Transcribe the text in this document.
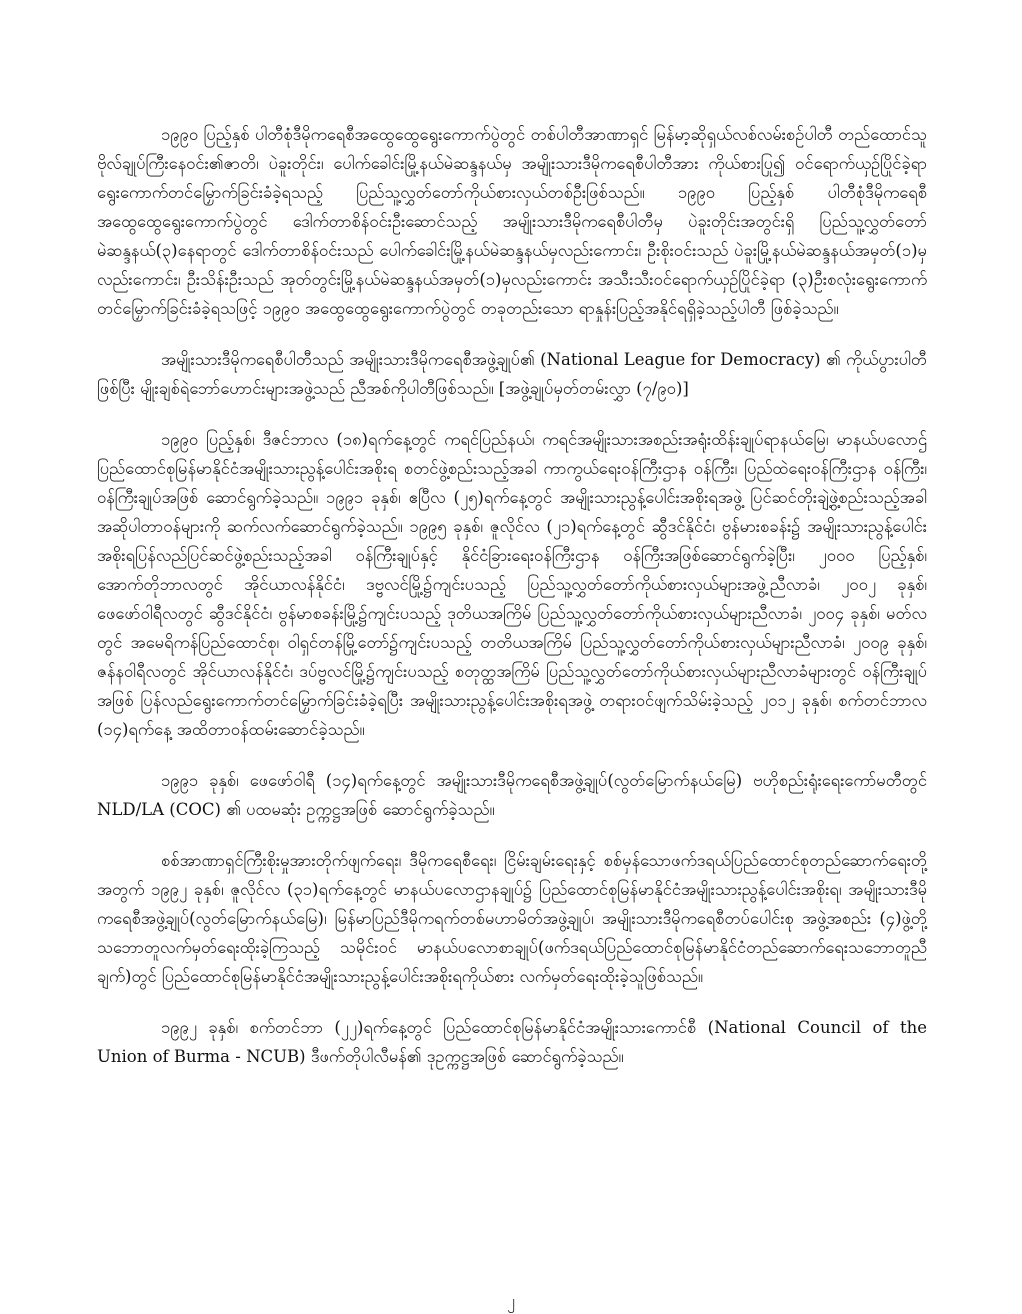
၁၉၉၀ ပြည့်နှစ် ပါတီစုံဒီမိုကရေစီအထွေထွေရွေးကောက်ပွဲတွင် တစ်ပါတီအာဏာရှင် မြန်မာ့ဆိုရှယ်လစ်လမ်းစဉ်ပါတီ တည်ထောင်သူ ဗိုလ်ချုပ်ကြီးနေဝင်း၏ဇာတိ၊ ပဲခူးတိုင်း၊ ပေါက်ခေါင်းမြို့နယ်မဲဆန္ဒနယ်မှ အမျိုးသားဒီမိုကရေစီပါတီအား ကိုယ်စားပြု၍ ဝင်ရောက်ယှဉ်ပြိုင်ခဲ့ရာ ရွေးကောက်တင်မြှောက်ခြင်းခံခဲ့ရသည့် ပြည်သူ့လွှတ်တော်ကိုယ်စားလှယ်တစ်ဦးဖြစ်သည်။ ၁၉၉၀ ပြည့်နှစ် ပါတီစုံဒီမိုကရေစီအထွေထွေရွေးကောက်ပွဲတွင် ဒေါက်တာစိန်ဝင်းဦးဆောင်သည့် အမျိုးသားဒီမိုကရေစီပါတီမှ ပဲခူးတိုင်းအတွင်းရှိ ပြည်သူ့လွှတ်တော်မဲဆန္ဒနယ်(၃)နေရာတွင် ဒေါက်တာစိန်ဝင်းသည် ပေါက်ခေါင်းမြို့နယ်မဲဆန္ဒနယ်မှလည်းကောင်း၊ ဦးစိုးဝင်းသည် ပဲခူးမြို့နယ်မဲဆန္ဒနယ်အမှတ်(၁)မှလည်းကောင်း၊ ဦးသိန်းဦးသည် အုတ်တွင်းမြို့နယ်မဲဆန္ဒနယ်အမှတ်(၁)မှလည်းကောင်း အသီးသီးဝင်ရောက်ယှဉ်ပြိုင်ခဲ့ရာ (၃)ဦးစလုံးရွေးကောက်တင်မြှောက်ခြင်းခံခဲ့ရသဖြင့် ၁၉၉၀ အထွေထွေရွေးကောက်ပွဲတွင် တခုတည်းသော ရာနှုန်းပြည့်အနိုင်ရရှိခဲ့သည့်ပါတီ ဖြစ်ခဲ့သည်။

အမျိုးသားဒီမိုကရေစီပါတီသည် အမျိုးသားဒီမိုကရေစီအဖွဲ့ချုပ်၏ (National League for Democracy) ၏ ကိုယ်ပွားပါတီဖြစ်ပြီး မျိုးချစ်ရဲဘော်ဟောင်းများအဖွဲ့သည် ညီအစ်ကိုပါတီဖြစ်သည်။ [အဖွဲ့ချုပ်မှတ်တမ်းလွှာ (၇/၉၀)]

၁၉၉၀ ပြည့်နှစ်၊ ဒီဇင်ဘာလ (၁၈)ရက်နေ့တွင် ကရင်ပြည်နယ်၊ ကရင်အမျိုးသားအစည်းအရုံးထိန်းချုပ်ရာနယ်မြေ၊ မာနယ်ပလောဌ် ပြည်ထောင်စုမြန်မာနိုင်ငံအမျိုးသားညွန့်ပေါင်းအစိုးရ စတင်ဖွဲ့စည်းသည့်အခါ ကာကွယ်ရေးဝန်ကြီးဌာန ဝန်ကြီး၊ ပြည်ထဲရေးဝန်ကြီးဌာန ဝန်ကြီး၊ ဝန်ကြီးချုပ်အဖြစ် ဆောင်ရွက်ခဲ့သည်။ ၁၉၉၁ ခုနှစ်၊ ဧပြီလ (၂၅)ရက်နေ့တွင် အမျိုးသားညွန့်ပေါင်းအစိုးရအဖွဲ့ ပြင်ဆင်တိုးချဲ့ဖွဲ့စည်းသည့်အခါ အဆိုပါတာဝန်များကို ဆက်လက်ဆောင်ရွက်ခဲ့သည်။ ၁၉၉၅ ခုနှစ်၊ ဇူလိုင်လ (၂၁)ရက်နေ့တွင် ဆွီဒင်နိုင်ငံ၊ ဗွန်မားစခန်း၌ အမျိုးသားညွန့်ပေါင်းအစိုးရပြန်လည်ပြင်ဆင်ဖွဲ့စည်းသည့်အခါ ဝန်ကြီးချုပ်နှင့် နိုင်ငံခြားရေးဝန်ကြီးဌာန ဝန်ကြီးအဖြစ်ဆောင်ရွက်ခဲ့ပြီး၊ ၂၀၀၀ ပြည့်နှစ်၊ အောက်တိုဘာလတွင် အိုင်ယာလန်နိုင်ငံ၊ ဒဗ္ဗလင်မြို့၌ကျင်းပသည့် ပြည်သူ့လွှတ်တော်ကိုယ်စားလှယ်များအဖွဲ့ညီလာခံ၊ ၂၀၀၂ ခုနှစ်၊ ဖေဖော်ဝါရီလတွင် ဆွီဒင်နိုင်ငံ၊ ဗွန်မာစခန်းမြို့၌ကျင်းပသည့် ဒုတိယအကြိမ် ပြည်သူ့လွှတ်တော်ကိုယ်စားလှယ်များညီလာခံ၊ ၂၀၀၄ ခုနှစ်၊ မတ်လတွင် အမေရိကန်ပြည်ထောင်စု၊ ဝါရှင်တန်မြို့တော်၌ကျင်းပသည့် တတိယအကြိမ် ပြည်သူ့လွှတ်တော်ကိုယ်စားလှယ်များညီလာခံ၊ ၂၀၀၉ ခုနှစ်၊ ဇန်နဝါရီလတွင် အိုင်ယာလန်နိုင်ငံ၊ ဒပ်ဗ္ဗလင်မြို့၌ကျင်းပသည့် စတုတ္ထအကြိမ် ပြည်သူ့လွှတ်တော်ကိုယ်စားလှယ်များညီလာခံများတွင် ဝန်ကြီးချုပ်အဖြစ် ပြန်လည်ရွေးကောက်တင်မြှောက်ခြင်းခံခဲ့ရပြီး အမျိုးသားညွန့်ပေါင်းအစိုးရအဖွဲ့ တရားဝင်ဖျက်သိမ်းခဲ့သည့် ၂၀၁၂ ခုနှစ်၊ စက်တင်ဘာလ (၁၄)ရက်နေ့ အထိတာဝန်ထမ်းဆောင်ခဲ့သည်။

၁၉၉၁ ခုနှစ်၊ ဖေဖော်ဝါရီ (၁၄)ရက်နေ့တွင် အမျိုးသားဒီမိုကရေစီအဖွဲ့ချုပ်(လွတ်မြောက်နယ်မြေ) ဗဟိုစည်းရုံးရေးကော်မတီတွင် NLD/LA (COC) ၏ ပထမဆုံး ဥက္ကဋ္ဌအဖြစ် ဆောင်ရွက်ခဲ့သည်။

စစ်အာဏာရှင်ကြီးစိုးမှုအားတိုက်ဖျက်ရေး၊ ဒီမိုကရေစီရေး၊ ငြိမ်းချမ်းရေးနှင့် စစ်မှန်သောဖက်ဒရယ်ပြည်ထောင်စုတည်ဆောက်ရေးတို့အတွက် ၁၉၉၂ ခုနှစ်၊ ဇူလိုင်လ (၃၁)ရက်နေ့တွင် မာနယ်ပလောဌာနချုပ်၌ ပြည်ထောင်စုမြန်မာနိုင်ငံအမျိုးသားညွန့်ပေါင်းအစိုးရ၊ အမျိုးသားဒီမိုကရေစီအဖွဲ့ချုပ်(လွတ်မြောက်နယ်မြေ)၊ မြန်မာပြည်ဒီမိုကရက်တစ်မဟာမိတ်အဖွဲ့ချုပ်၊ အမျိုးသားဒီမိုကရေစီတပ်ပေါင်းစု အဖွဲ့အစည်း (၄)ဖွဲ့တို့ သဘောတူလက်မှတ်ရေးထိုးခဲ့ကြသည့် သမိုင်းဝင် မာနယ်ပလောစာချုပ်(ဖက်ဒရယ်ပြည်ထောင်စုမြန်မာနိုင်ငံတည်ဆောက်ရေးသဘောတူညီချက်)တွင် ပြည်ထောင်စုမြန်မာနိုင်ငံအမျိုးသားညွန့်ပေါင်းအစိုးရကိုယ်စား လက်မှတ်ရေးထိုးခဲ့သူဖြစ်သည်။

၁၉၉၂ ခုနှစ်၊ စက်တင်ဘာ (၂၂)ရက်နေ့တွင် ပြည်ထောင်စုမြန်မာနိုင်ငံအမျိုးသားကောင်စီ (National Council of the Union of Burma - NCUB) ဒီဖက်တိုပါလီမန်၏ ဒုဥက္ကဋ္ဌအဖြစ် ဆောင်ရွက်ခဲ့သည်။

၂
